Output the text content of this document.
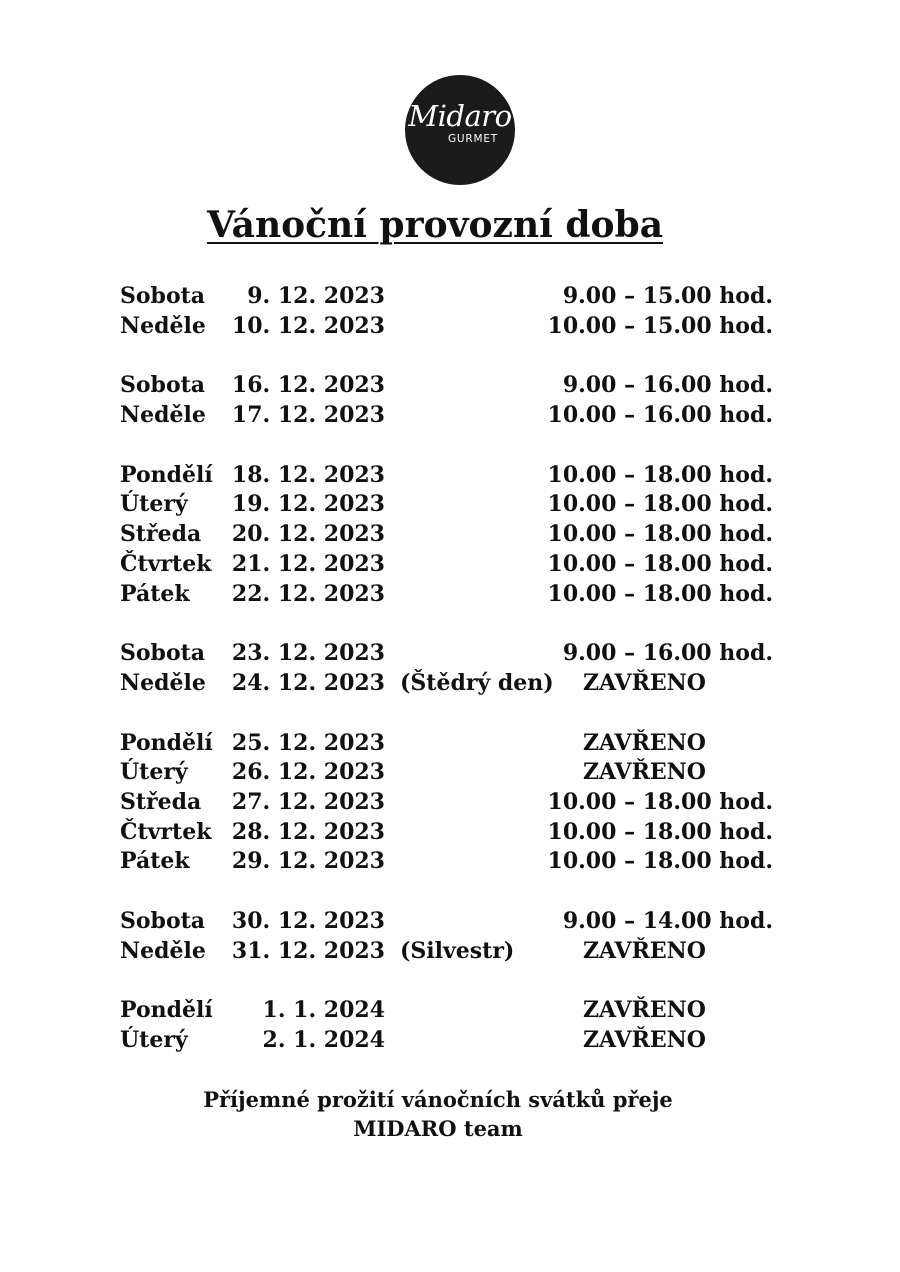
Midaro
GURMET
Vánoční provozní doba
Sobota 9. 12. 2023	9.00 – 15.00 hod.
Neděle 10. 12. 2023	10.00 – 15.00 hod.
Sobota 16. 12. 2023	9.00 – 16.00 hod.
Neděle 17. 12. 2023	10.00 – 16.00 hod.
Pondělí 18. 12. 2023	10.00 – 18.00 hod.
Úterý 19. 12. 2023	10.00 – 18.00 hod.
Středa 20. 12. 2023	10.00 – 18.00 hod.
Čtvrtek 21. 12. 2023	10.00 – 18.00 hod.
Pátek 22. 12. 2023	10.00 – 18.00 hod.
Sobota 23. 12. 2023	9.00 – 16.00 hod.
Neděle 24. 12. 2023 (Štědrý den) ZAVŘENO
Pondělí 25. 12. 2023	ZAVŘENO
Úterý 26. 12. 2023	ZAVŘENO
Středa 27. 12. 2023	10.00 – 18.00 hod.
Čtvrtek 28. 12. 2023	10.00 – 18.00 hod.
Pátek 29. 12. 2023	10.00 – 18.00 hod.
Sobota 30. 12. 2023	9.00 – 14.00 hod.
Neděle 31. 12. 2023 (Silvestr)	ZAVŘENO
Pondělí 1. 1. 2024	ZAVŘENO
Úterý	2. 1. 2024	ZAVŘENO
Příjemné prožití vánočních svátků přeje
MIDARO team
